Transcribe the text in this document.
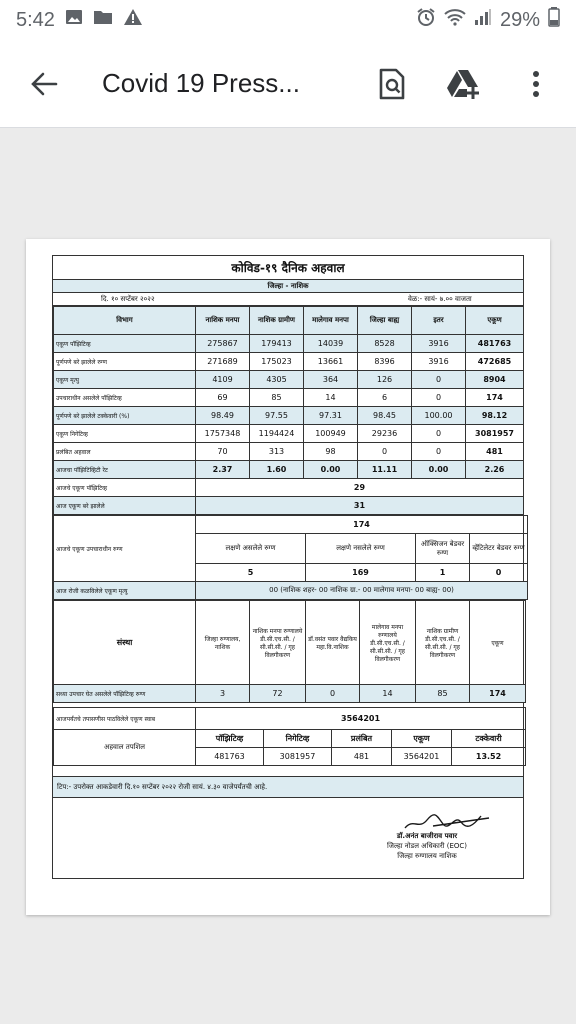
5:42	29%
Covid 19 Press...
कोविड-१९ दैनिक अहवाल
जिल्हा - नाशिक
दि. १० सप्टेंबर २०२२	वेळ:- सायं- ७.०० वाजता
विभाग	नाशिक मनपा	नाशिक ग्रामीण	मालेगाव मनपा	जिल्हा बाह्य	इतर	एकूण
एकूण पॉझिटिव्ह	275867	179413	14039	8528	3916	481763
पूर्णपणे बरे झालेले रुग्ण	271689	175023	13661	8396	3916	472685
एकूण मृत्यु	4109	4305	364	126	0	8904
उपचाराधीन असलेले पॉझिटिव्ह	69	85	14	6	0	174
पूर्णपणे बरे झालेले टक्केवारी (%)	98.49	97.55	97.31	98.45	100.00	98.12
एकूण निगेटिव्ह	1757348	1194424	100949	29236	0	3081957
प्रलंबित अहवाल	70	313	98	0	0	481
आजचा पॉझिटिव्हिटी रेट	2.37	1.60	0.00	11.11	0.00	2.26
आजचे एकूण पॉझिटिव्ह	29					
आज एकूण बरे झालेले	31					
आजचे एकूण उपचाराधीन रुग्ण	174			
	लक्षणे असलेले रुग्ण	लक्षणे नसलेले रुग्ण	ऑक्सिजन बेडवर रुग्ण	व्हेंटिलेटर बेडवर रुग्ण
	5	169	1	0
आज रोजी कळविलेले एकूण मृत्यु	00 (नाशिक शहर- 00 नाशिक ग्रा.- 00 मालेगाव मनपा- 00 बाह्य- 00)			
संस्था	जिल्हा रुग्णालय, नाशिक	नाशिक मनपा रुग्णालये डी.सी.एच.सी. / सी.सी.सी. / गृह विलगीकरण	डॉ.वसंत पवार वैद्यकिय महा.वि.नाशिक	मालेगाव मनपा रुग्णालये डी.सी.एच.सी. / सी.सी.सी. / गृह विलगीकरण	नाशिक ग्रामीण डी.सी.एच.सी. / सी.सी.सी. / गृह विलगीकरण	एकूण
सध्या उपचार घेत असलेले पॉझिटिव्ह रुग्ण	3	72	0	14	85	174
आजपर्यंतचे तपासणीस पाठविलेले एकूण स्वाब	3564201				
अहवाल तपशिल	पॉझिटिव्ह	निगेटिव्ह	प्रलंबित	एकूण	टक्केवारी
	481763	3081957	481	3564201	13.52
टिप:- उपरोक्त आकडेवारी दि.१० सप्टेंबर २०२२ रोजी सायं. ४.३० वाजेपर्यंतची आहे.
डॉ.अनंत बाजीराव पवार
जिल्हा नोडल अधिकारी (EOC)
जिल्हा रुग्णालय नाशिक
